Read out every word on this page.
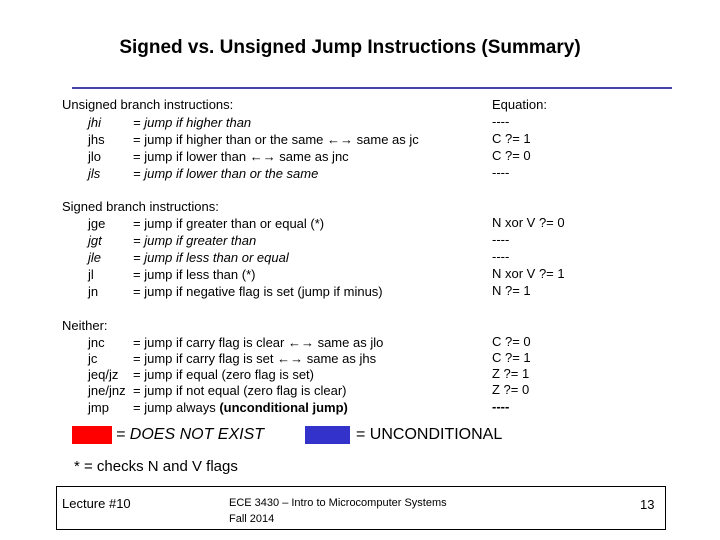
Signed vs. Unsigned Jump Instructions (Summary)
Unsigned branch instructions:	Equation:
jhi = jump if higher than	----
jhs = jump if higher than or the same ←→ same as jc	C ?= 1
jlo = jump if lower than ←→ same as jnc	C ?= 0
jls	= jump if lower than or the same	----
Signed branch instructions:
jge = jump if greater than or equal (*)	N xor V ?= 0
jgt = jump if greater than	----
jle = jump if less than or equal	----
jl	= jump if less than (*)	N xor V ?= 1
jn	= jump if negative flag is set (jump if minus)	N ?= 1
Neither:
jnc = jump if carry flag is clear ←→ same as jlo	C ?= 0
jc	= jump if carry flag is set ←→ same as jhs	C ?= 1
jeq/jz = jump if equal (zero flag is set)	Z ?= 1
jne/jnz = jump if not equal (zero flag is clear)	Z ?= 0
jmp = jump always (unconditional jump)	----
= DOES NOT EXIST	= UNCONDITIONAL
* = checks N and V flags
Lecture #10	ECE 3430 – Intro to Microcomputer Systems
Fall 2014
13
